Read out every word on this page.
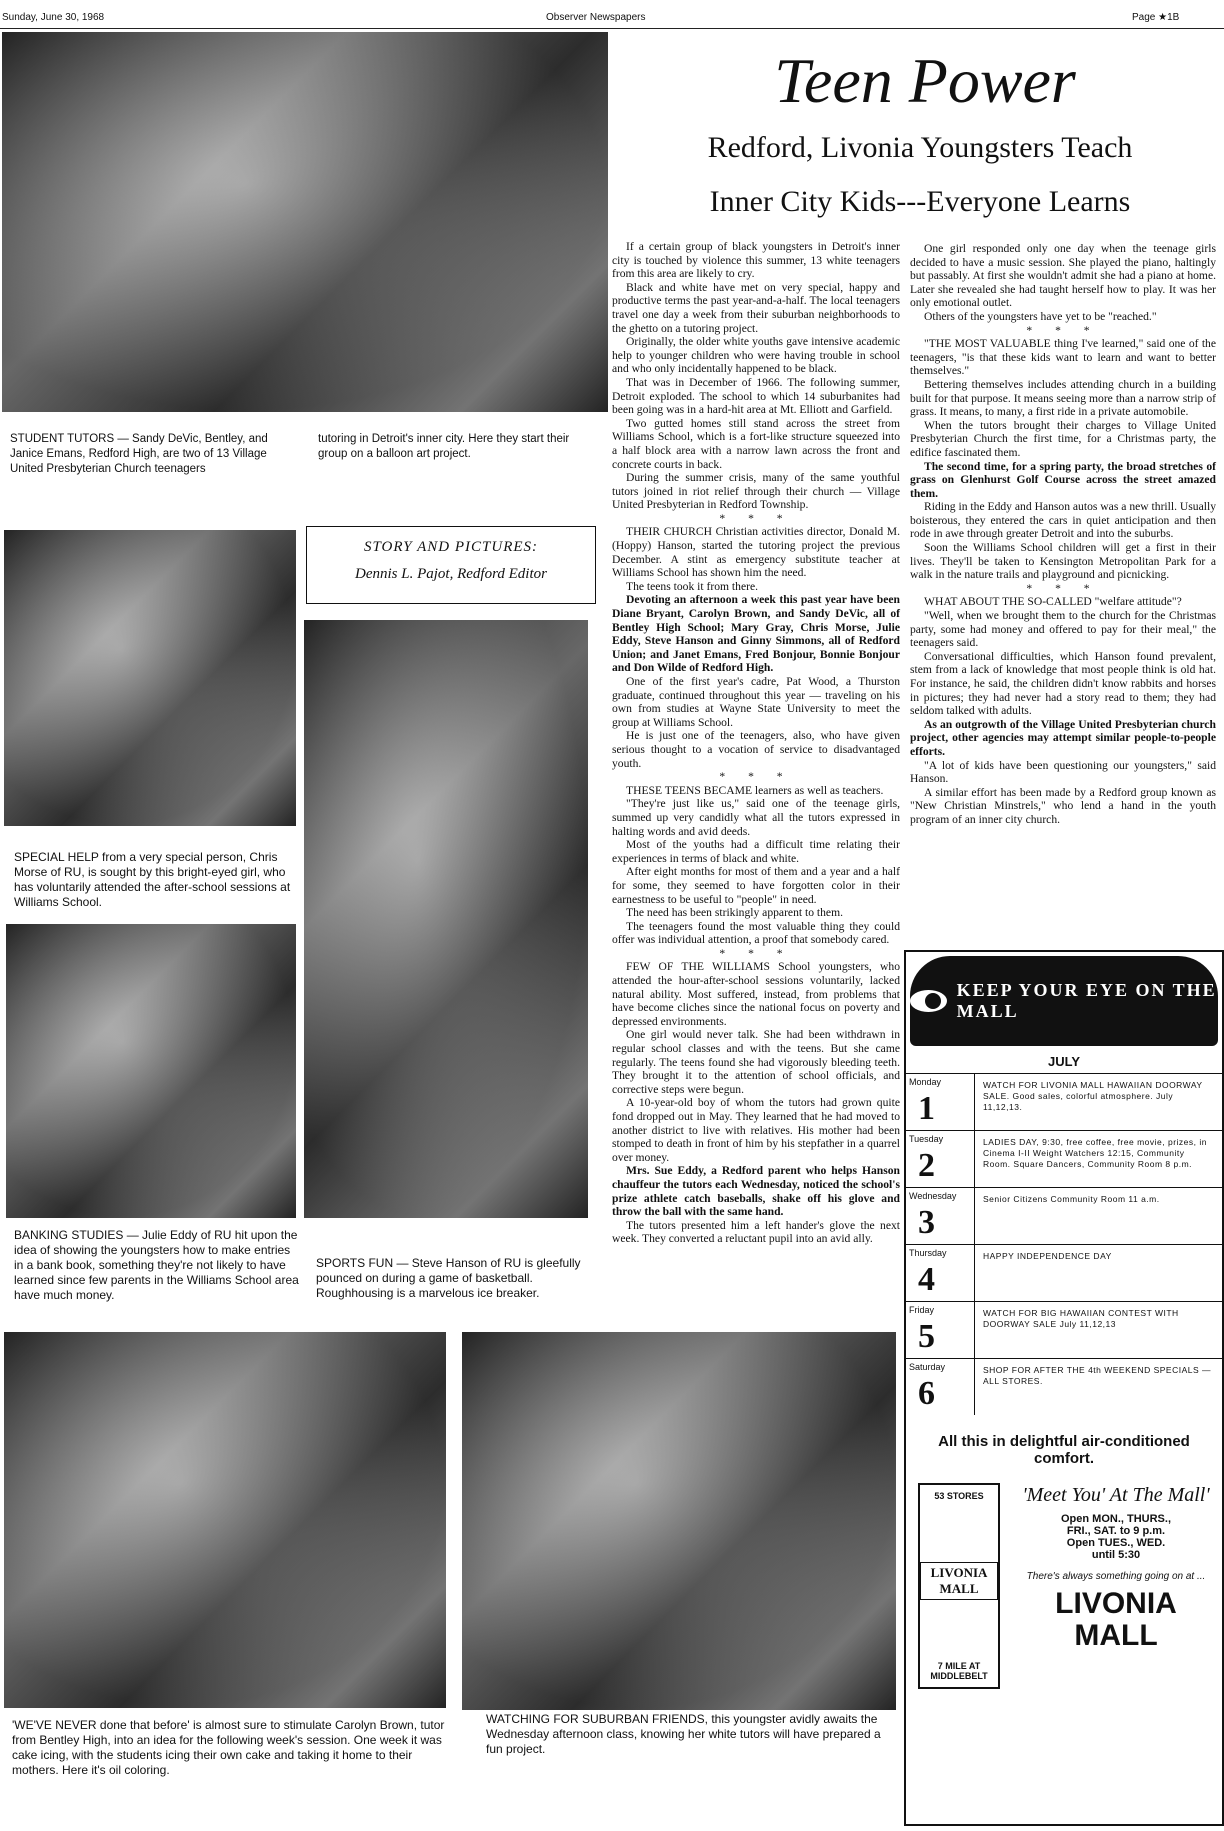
Sunday, June 30, 1968	Observer Newspapers	Page ★1B
STUDENT TUTORS — Sandy DeVic, Bentley, and Janice Emans, Redford High, are two of 13 Village United Presbyterian Church teenagers
tutoring in Detroit's inner city. Here they start their group on a balloon art project.
Teen Power
Redford, Livonia Youngsters Teach
Inner City Kids---Everyone Learns
STORY AND PICTURES:
Dennis L. Pajot, Redford Editor
SPECIAL HELP from a very special person, Chris Morse of RU, is sought by this bright-eyed girl, who has voluntarily attended the after-school sessions at Williams School.
BANKING STUDIES — Julie Eddy of RU hit upon the idea of showing the youngsters how to make entries in a bank book, something they're not likely to have learned since few parents in the Williams School area have much money.
SPORTS FUN — Steve Hanson of RU is gleefully pounced on during a game of basketball. Roughhousing is a marvelous ice breaker.

If a certain group of black youngsters in Detroit's inner city is touched by violence this summer, 13 white teenagers from this area are likely to cry.

Black and white have met on very special, happy and productive terms the past year-and-a-half. The local teenagers travel one day a week from their suburban neighborhoods to the ghetto on a tutoring project.

Originally, the older white youths gave intensive academic help to younger children who were having trouble in school and who only incidentally happened to be black.

That was in December of 1966. The following summer, Detroit exploded. The school to which 14 suburbanites had been going was in a hard-hit area at Mt. Elliott and Garfield.

Two gutted homes still stand across the street from Williams School, which is a fort-like structure squeezed into a half block area with a narrow lawn across the front and concrete courts in back.

During the summer crisis, many of the same youthful tutors joined in riot relief through their church — Village United Presbyterian in Redford Township.

* * *

THEIR CHURCH Christian activities director, Donald M. (Hoppy) Hanson, started the tutoring project the previous December. A stint as emergency substitute teacher at Williams School has shown him the need.

The teens took it from there.

Devoting an afternoon a week this past year have been Diane Bryant, Carolyn Brown, and Sandy DeVic, all of Bentley High School; Mary Gray, Chris Morse, Julie Eddy, Steve Hanson and Ginny Simmons, all of Redford Union; and Janet Emans, Fred Bonjour, Bonnie Bonjour and Don Wilde of Redford High.

One of the first year's cadre, Pat Wood, a Thurston graduate, continued throughout this year — traveling on his own from studies at Wayne State University to meet the group at Williams School.

He is just one of the teenagers, also, who have given serious thought to a vocation of service to disadvantaged youth.

* * *

THESE TEENS BECAME learners as well as teachers.

"They're just like us," said one of the teenage girls, summed up very candidly what all the tutors expressed in halting words and avid deeds.

Most of the youths had a difficult time relating their experiences in terms of black and white.

After eight months for most of them and a year and a half for some, they seemed to have forgotten color in their earnestness to be useful to "people" in need.

The need has been strikingly apparent to them.

The teenagers found the most valuable thing they could offer was individual attention, a proof that somebody cared.

* * *

FEW OF THE WILLIAMS School youngsters, who attended the hour-after-school sessions voluntarily, lacked natural ability. Most suffered, instead, from problems that have become cliches since the national focus on poverty and depressed environments.

One girl would never talk. She had been withdrawn in regular school classes and with the teens. But she came regularly. The teens found she had vigorously bleeding teeth. They brought it to the attention of school officials, and corrective steps were begun.

A 10-year-old boy of whom the tutors had grown quite fond dropped out in May. They learned that he had moved to another district to live with relatives. His mother had been stomped to death in front of him by his stepfather in a quarrel over money.

Mrs. Sue Eddy, a Redford parent who helps Hanson chauffeur the tutors each Wednesday, noticed the school's prize athlete catch baseballs, shake off his glove and throw the ball with the same hand.

The tutors presented him a left hander's glove the next week. They converted a reluctant pupil into an avid ally.

One girl responded only one day when the teenage girls decided to have a music session. She played the piano, haltingly but passably. At first she wouldn't admit she had a piano at home. Later she revealed she had taught herself how to play. It was her only emotional outlet.

Others of the youngsters have yet to be "reached."

* * *

"THE MOST VALUABLE thing I've learned," said one of the teenagers, "is that these kids want to learn and want to better themselves."

Bettering themselves includes attending church in a building built for that purpose. It means seeing more than a narrow strip of grass. It means, to many, a first ride in a private automobile.

When the tutors brought their charges to Village United Presbyterian Church the first time, for a Christmas party, the edifice fascinated them.

The second time, for a spring party, the broad stretches of grass on Glenhurst Golf Course across the street amazed them.

Riding in the Eddy and Hanson autos was a new thrill. Usually boisterous, they entered the cars in quiet anticipation and then rode in awe through greater Detroit and into the suburbs.

Soon the Williams School children will get a first in their lives. They'll be taken to Kensington Metropolitan Park for a walk in the nature trails and playground and picnicking.

* * *

WHAT ABOUT THE SO-CALLED "welfare attitude"?

"Well, when we brought them to the church for the Christmas party, some had money and offered to pay for their meal," the teenagers said.

Conversational difficulties, which Hanson found prevalent, stem from a lack of knowledge that most people think is old hat. For instance, he said, the children didn't know rabbits and horses in pictures; they had never had a story read to them; they had seldom talked with adults.

As an outgrowth of the Village United Presbyterian church project, other agencies may attempt similar people-to-people efforts.

"A lot of kids have been questioning our youngsters," said Hanson.

A similar effort has been made by a Redford group known as "New Christian Minstrels," who lend a hand in the youth program of an inner city church.

'WE'VE NEVER done that before' is almost sure to stimulate Carolyn Brown, tutor from Bentley High, into an idea for the following week's session. One week it was cake icing, with the students icing their own cake and taking it home to their mothers. Here it's oil coloring.
WATCHING FOR SUBURBAN FRIENDS, this youngster avidly awaits the Wednesday afternoon class, knowing her white tutors will have prepared a fun project.
KEEP YOUR EYE ON THE MALL
JULY
Monday
1
WATCH FOR LIVONIA MALL HAWAIIAN DOORWAY SALE. Good sales, colorful atmosphere. July 11,12,13.
Tuesday
2
LADIES DAY, 9:30, free coffee, free movie, prizes, in Cinema I-II Weight Watchers 12:15, Community Room. Square Dancers, Community Room 8 p.m.
Wednesday
3
Senior Citizens Community Room 11 a.m.
Thursday
4
HAPPY INDEPENDENCE DAY
Friday
5
WATCH FOR BIG HAWAIIAN CONTEST WITH DOORWAY SALE July 11,12,13
Saturday
6
SHOP FOR AFTER THE 4th WEEKEND SPECIALS — ALL STORES.
All this in delightful air-conditioned comfort.
53 STORES
LIVONIA MALL
7 MILE AT MIDDLEBELT
'Meet You' At The Mall'
Open MON., THURS.,
FRI., SAT. to 9 p.m.
Open TUES., WED.
until 5:30
There's always something going on at ...
LIVONIA MALL
